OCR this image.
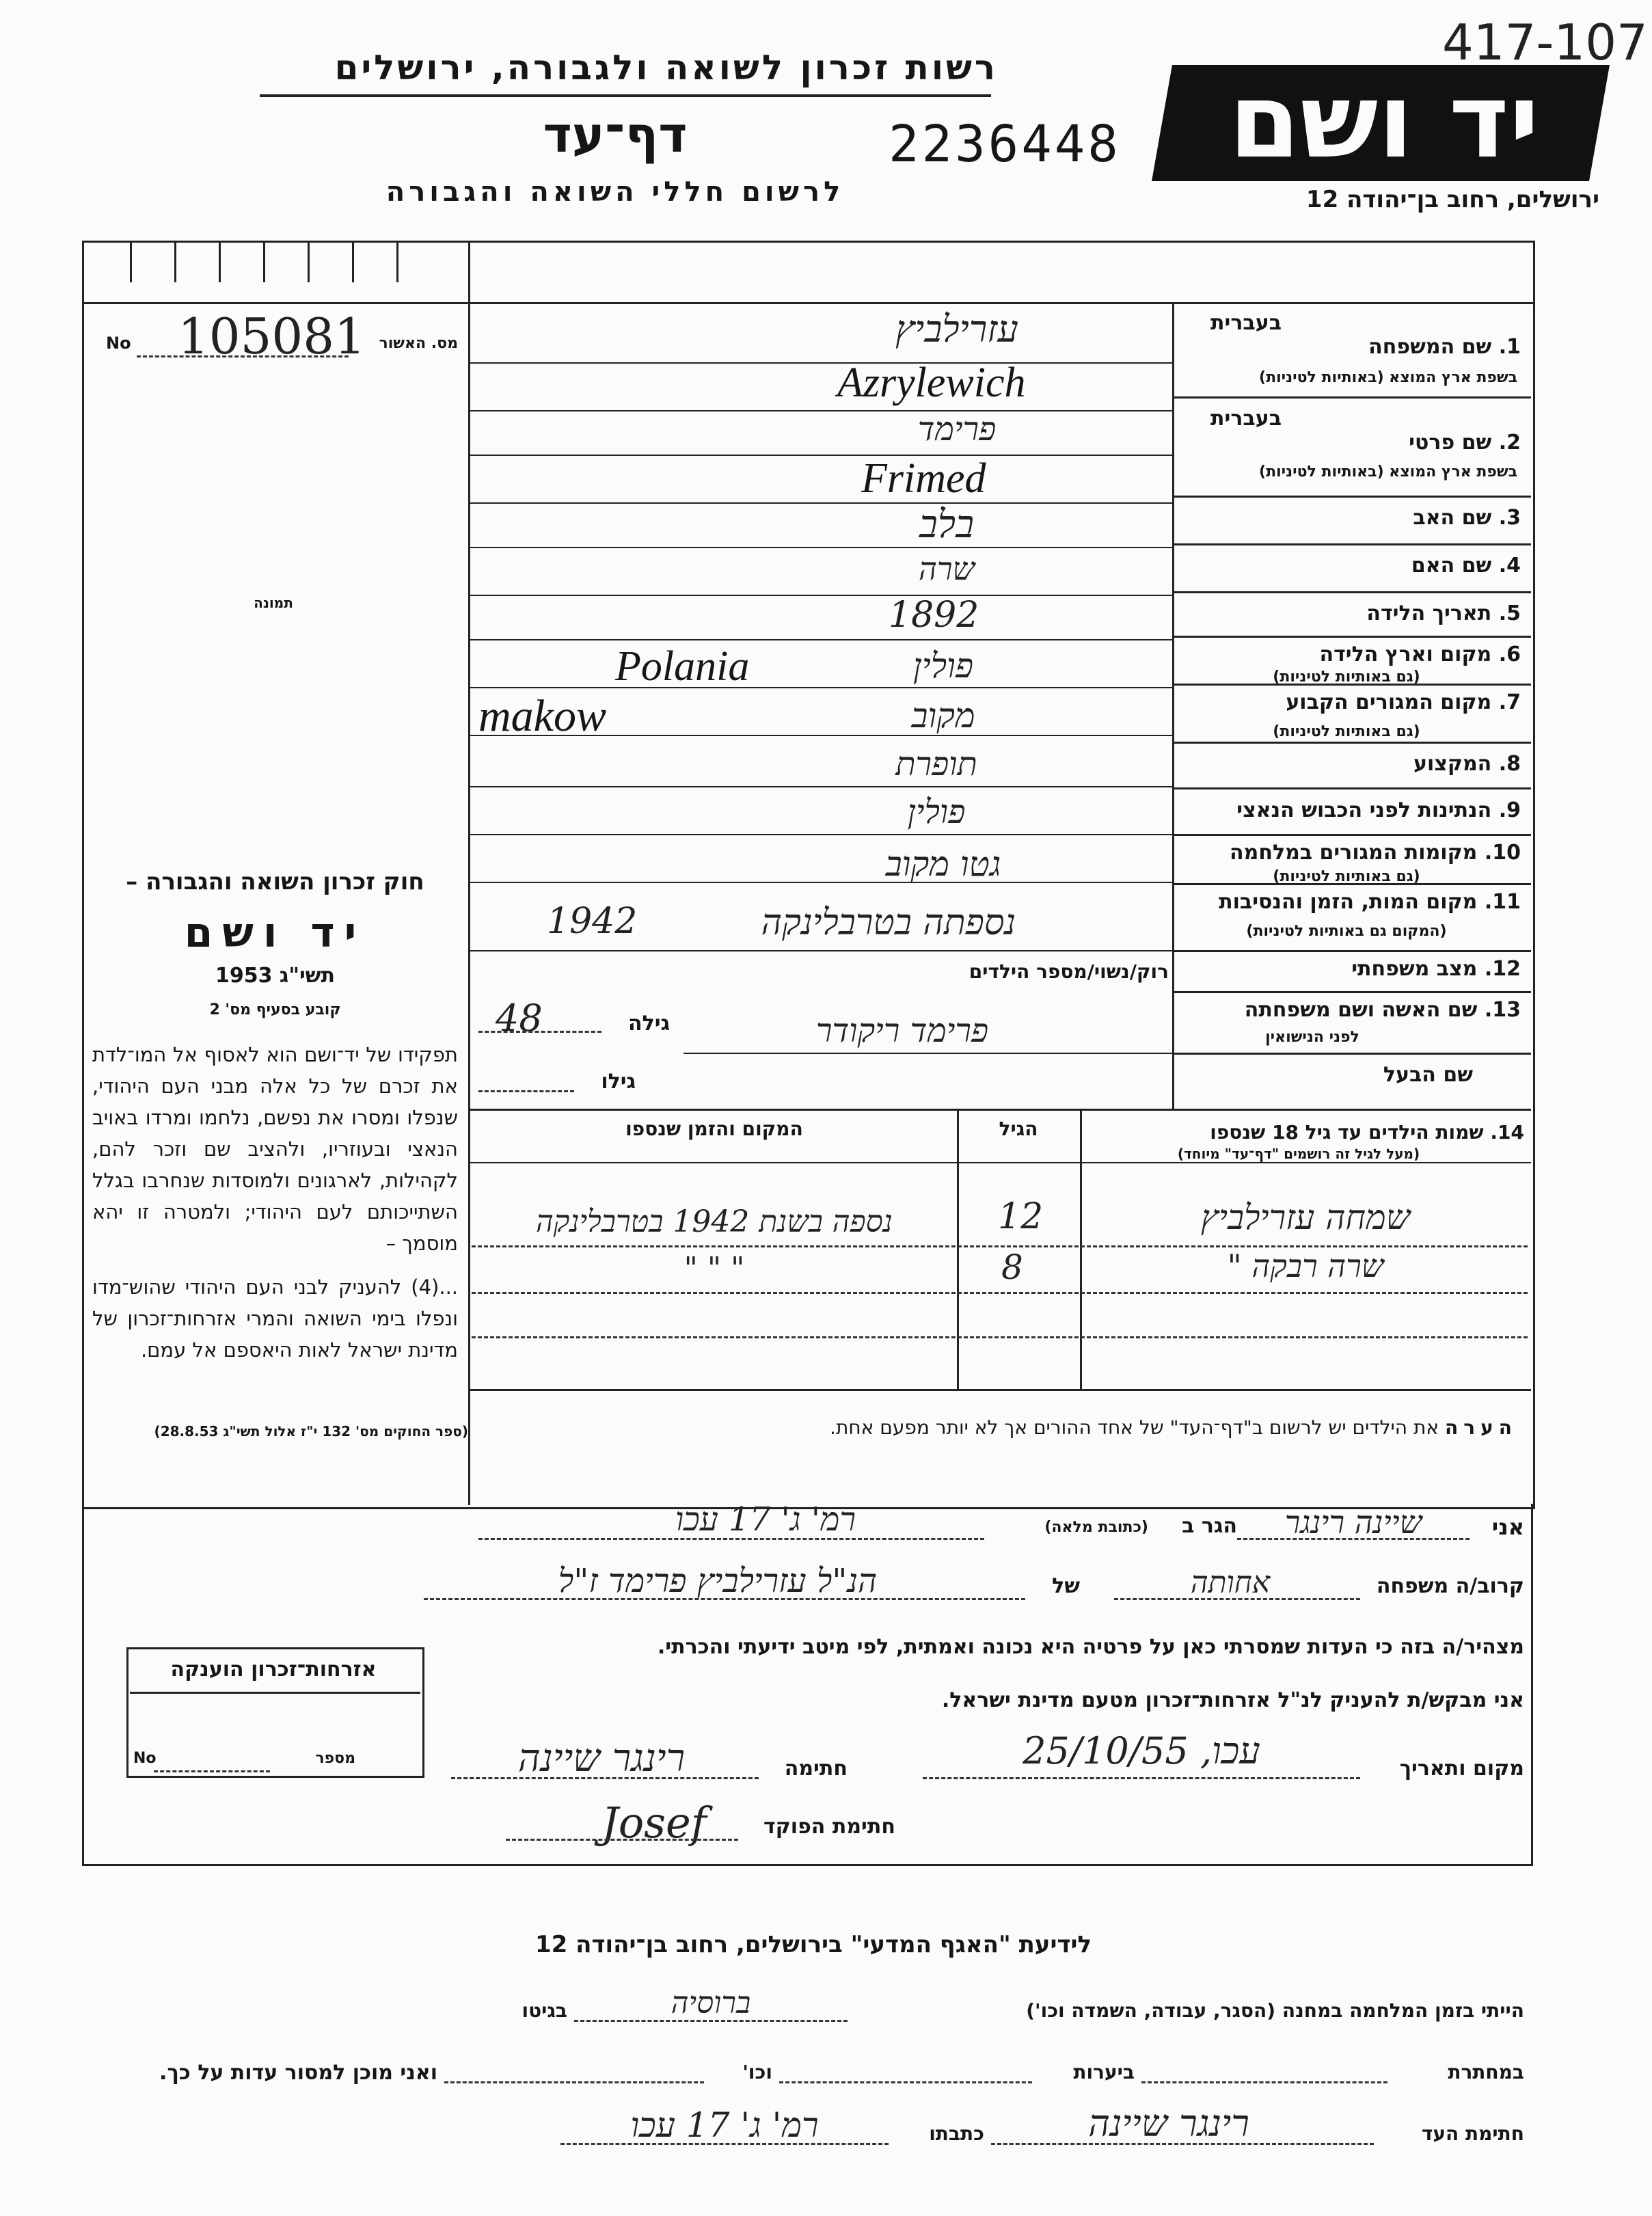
רשות זכרון לשואה ולגבורה, ירושלים
דף־עד	2236448
לרשום חללי השואה והגבורה
יד ושם
ירושלים, רחוב בן־יהודה 12
417-107
מס. האשור
No 105081
תמונה
בעברית
1. שם המשפחה
בשפת ארץ המוצא (באותיות לטיניות)
בעברית
2. שם פרטי
בשפת ארץ המוצא (באותיות לטיניות)
3. שם האב
4. שם האם
5. תאריך הלידה
6. מקום וארץ הלידה
(גם באותיות לטיניות)
7. מקום המגורים הקבוע
(גם באותיות לטיניות)
8. המקצוע
9. הנתינות לפני הכבוש הנאצי
10. מקומות המגורים במלחמה
(גם באותיות לטיניות)
11. מקום המות, הזמן והנסיבות
(המקום גם באותיות לטיניות)
12. מצב משפחתי
13. שם האשה ושם משפחתה
לפני הנישואין
שם הבעל
עזרילביץ
Azrylewich
פרימד
Frimed
בלב
שרה
1892
פולין
Polania
מקוב
makow
תופרת
פולין
גטו מקוב
נספתה בטרבלינקה
1942
רוק/נשוי/מספר הילדים
פרימד ריקודר
גילה
48
גילו
14. שמות הילדים עד גיל 18 שנספו
(מעל לגיל זה רושמים "דף־עד" מיוחד)
הגיל
המקום והזמן שנספו
שמחה עזרילביץ
12
נספה בשנת 1942 בטרבלינקה
שרה רבקה "
8
" " "
הערה את הילדים יש לרשום ב"דף־העד" של אחד ההורים אך לא יותר מפעם אחת.
חוק זכרון השואה והגבורה –
יד ושם
תשי"ג 1953
קובע בסעיף מס' 2
תפקידו של יד־ושם הוא לאסוף אל המו־לדת את זכרם של כל אלה מבני העם היהודי, שנפלו ומסרו את נפשם, נלחמו ומרדו באויב הנאצי ובעוזריו, ולהציב שם וזכר להם, לקהילות, לארגונים ולמוסדות שנחרבו בגלל השתייכותם לעם היהודי; ולמטרה זו יהא מוסמך –
...(4) להעניק לבני העם היהודי שהוש־מדו ונפלו בימי השואה והמרי אזרחות־זכרון של מדינת ישראל לאות היאספם אל עמם.
(ספר החוקים מס' 132 י"ז אלול תשי"ג 28.8.53)
אזרחות־זכרון הוענקה
מספר
No
אני
שיינה רינגר
הגר ב
(כתובת מלאה)
רמ' ג' 17 עכו
קרוב/ה משפחה
אחותה
של
הנ"ל עזרילביץ פרימד ז"ל
מצהיר/ה בזה כי העדות שמסרתי כאן על פרטיה היא נכונה ואמתית, לפי מיטב ידיעתי והכרתי.
אני מבקש/ת להעניק לנ"ל אזרחות־זכרון מטעם מדינת ישראל.
מקום ותאריך
עכו, 25/10/55
חתימה
רינגר שיינה
חתימת הפוקד
Josef
לידיעת "האגף המדעי" בירושלים, רחוב בן־יהודה 12
הייתי בזמן המלחמה במחנה (הסגר, עבודה, השמדה וכו')
ברוסיה
בגיטו
במחתרת
ביערות
וכו'
ואני מוכן למסור עדות על כך.
חתימת העד
רינגר שיינה
כתבתו
רמ' ג' 17 עכו
